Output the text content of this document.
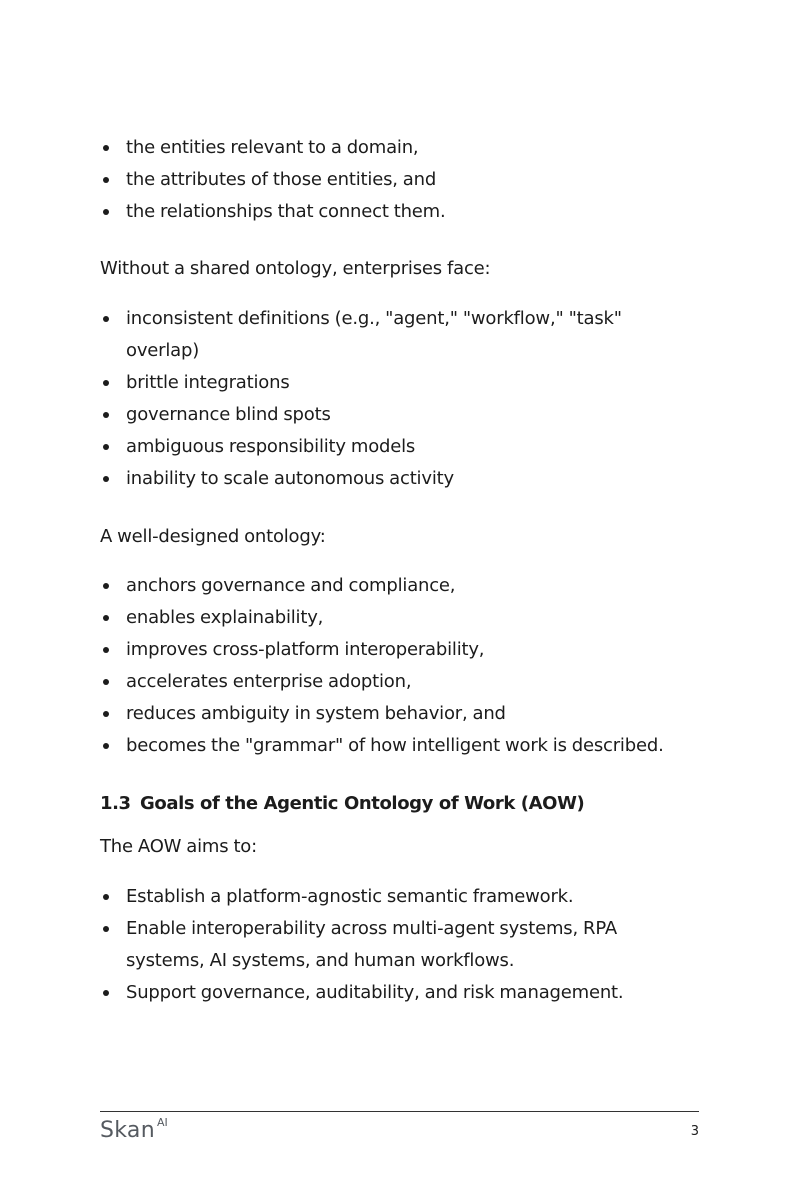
the entities relevant to a domain,
the attributes of those entities, and
the relationships that connect them.

Without a shared ontology, enterprises face:

inconsistent definitions (e.g., "agent," "workflow," "task" overlap)
brittle integrations
governance blind spots
ambiguous responsibility models
inability to scale autonomous activity

A well-designed ontology:

anchors governance and compliance,
enables explainability,
improves cross-platform interoperability,
accelerates enterprise adoption,
reduces ambiguity in system behavior, and
becomes the "grammar" of how intelligent work is described.
1.3 Goals of the Agentic Ontology of Work (AOW)

The AOW aims to:

Establish a platform-agnostic semantic framework.
Enable interoperability across multi-agent systems, RPA systems, AI systems, and human workflows.
Support governance, auditability, and risk management.
Skan $^{AI}$
3
